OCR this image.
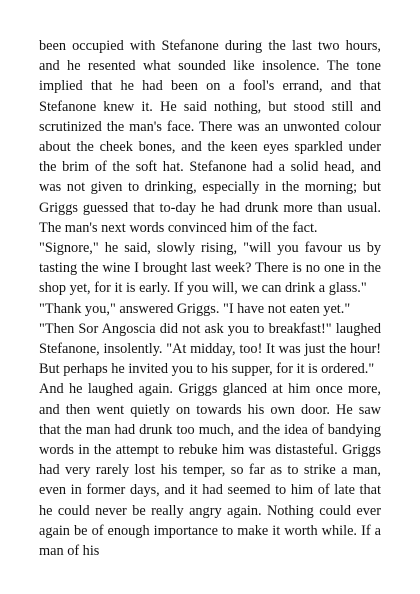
been occupied with Stefanone during the last two hours, and he resented what sounded like insolence. The tone implied that he had been on a fool's errand, and that Stefanone knew it. He said nothing, but stood still and scrutinized the man's face. There was an unwonted colour about the cheek bones, and the keen eyes sparkled under the brim of the soft hat. Stefanone had a solid head, and was not given to drinking, especially in the morning; but Griggs guessed that to-day he had drunk more than usual. The man's next words convinced him of the fact.

"Signore," he said, slowly rising, "will you favour us by tasting the wine I brought last week? There is no one in the shop yet, for it is early. If you will, we can drink a glass."

"Thank you," answered Griggs. "I have not eaten yet."

"Then Sor Angoscia did not ask you to breakfast!" laughed Stefanone, insolently. "At midday, too! It was just the hour! But perhaps he invited you to his supper, for it is ordered."

And he laughed again. Griggs glanced at him once more, and then went quietly on towards his own door. He saw that the man had drunk too much, and the idea of bandying words in the attempt to rebuke him was distasteful. Griggs had very rarely lost his temper, so far as to strike a man, even in former days, and it had seemed to him of late that he could never be really angry again. Nothing could ever again be of enough importance to make it worth while. If a man of his
